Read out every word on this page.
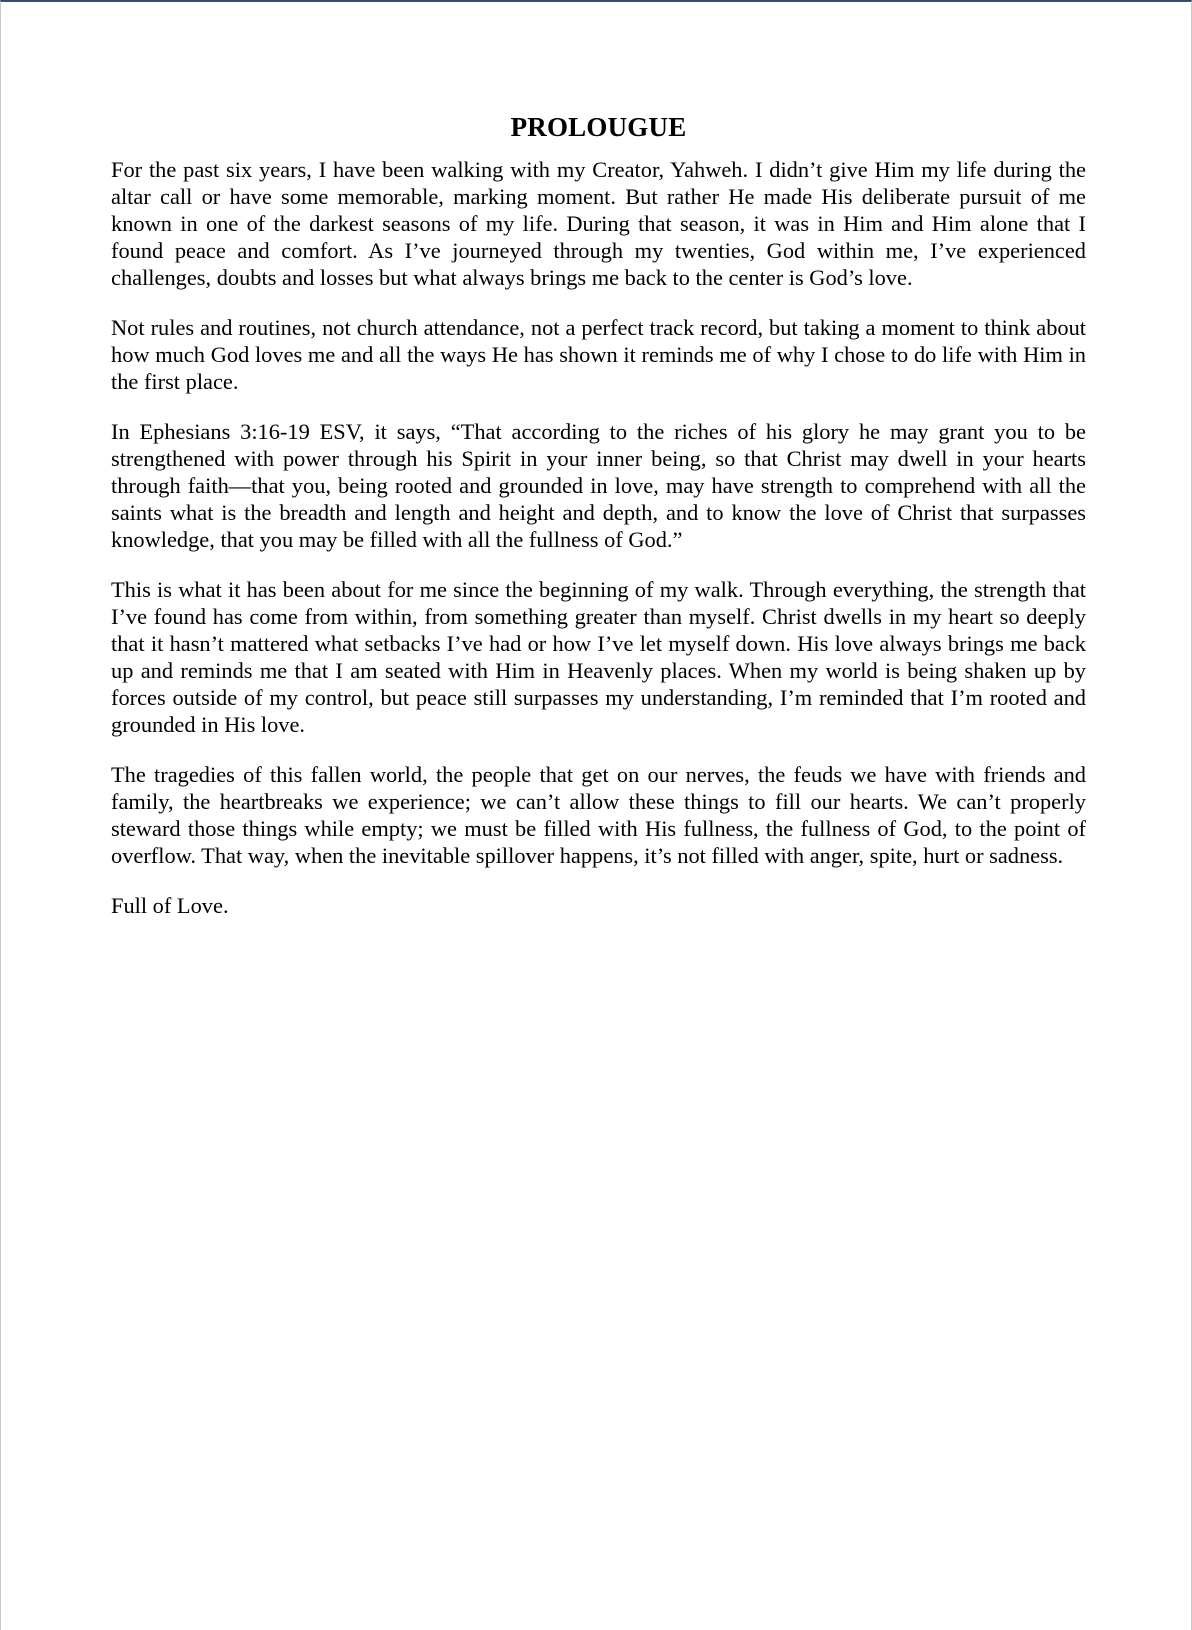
PROLOUGUE

For the past six years, I have been walking with my Creator, Yahweh. I didn’t give Him my life during the altar call or have some memorable, marking moment. But rather He made His deliberate pursuit of me known in one of the darkest seasons of my life. During that season, it was in Him and Him alone that I found peace and comfort. As I’ve journeyed through my twenties, God within me, I’ve experienced challenges, doubts and losses but what always brings me back to the center is God’s love.

Not rules and routines, not church attendance, not a perfect track record, but taking a moment to think about how much God loves me and all the ways He has shown it reminds me of why I chose to do life with Him in the first place.

In Ephesians 3:16-19 ESV, it says, “That according to the riches of his glory he may grant you to be strengthened with power through his Spirit in your inner being, so that Christ may dwell in your hearts through faith—that you, being rooted and grounded in love, may have strength to comprehend with all the saints what is the breadth and length and height and depth, and to know the love of Christ that surpasses knowledge, that you may be filled with all the fullness of God.”

This is what it has been about for me since the beginning of my walk. Through everything, the strength that I’ve found has come from within, from something greater than myself. Christ dwells in my heart so deeply that it hasn’t mattered what setbacks I’ve had or how I’ve let myself down. His love always brings me back up and reminds me that I am seated with Him in Heavenly places. When my world is being shaken up by forces outside of my control, but peace still surpasses my understanding, I’m reminded that I’m rooted and grounded in His love.

The tragedies of this fallen world, the people that get on our nerves, the feuds we have with friends and family, the heartbreaks we experience; we can’t allow these things to fill our hearts. We can’t properly steward those things while empty; we must be filled with His fullness, the fullness of God, to the point of overflow. That way, when the inevitable spillover happens, it’s not filled with anger, spite, hurt or sadness.

Full of Love.
